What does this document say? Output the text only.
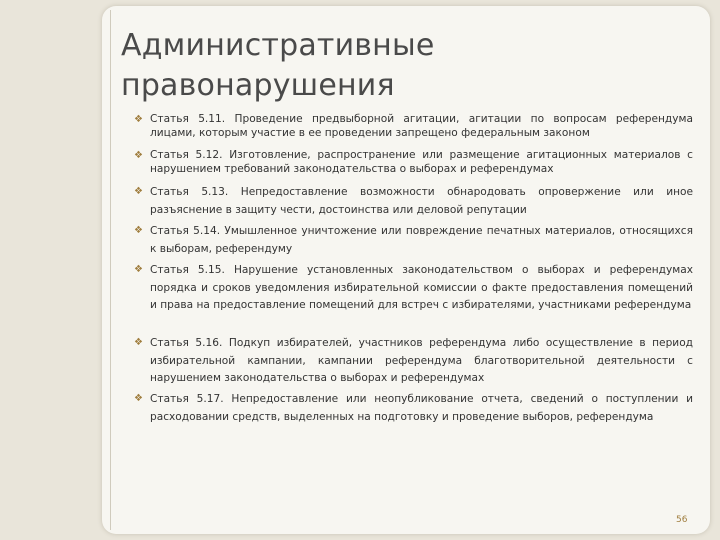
Административные
правонарушения
❖ Статья 5.11. Проведение предвыборной агитации, агитации по вопросам референдума лицами, которым участие в ее проведении запрещено федеральным законом
❖ Статья 5.12. Изготовление, распространение или размещение агитационных материалов с нарушением требований законодательства о выборах и референдумах
❖ Статья 5.13. Непредоставление возможности обнародовать опровержение или иное разъяснение в защиту чести, достоинства или деловой репутации
❖ Статья 5.14. Умышленное уничтожение или повреждение печатных материалов, относящихся к выборам, референдуму
❖ Статья 5.15. Нарушение установленных законодательством о выборах и референдумах порядка и сроков уведомления избирательной комиссии о факте предоставления помещений и права на предоставление помещений для встреч с избирателями, участниками референдума
❖ Статья 5.16. Подкуп избирателей, участников референдума либо осуществление в период избирательной кампании, кампании референдума благотворительной деятельности с нарушением законодательства о выборах и референдумах
❖ Статья 5.17. Непредоставление или неопубликование отчета, сведений о поступлении и расходовании средств, выделенных на подготовку и проведение выборов, референдума
56
